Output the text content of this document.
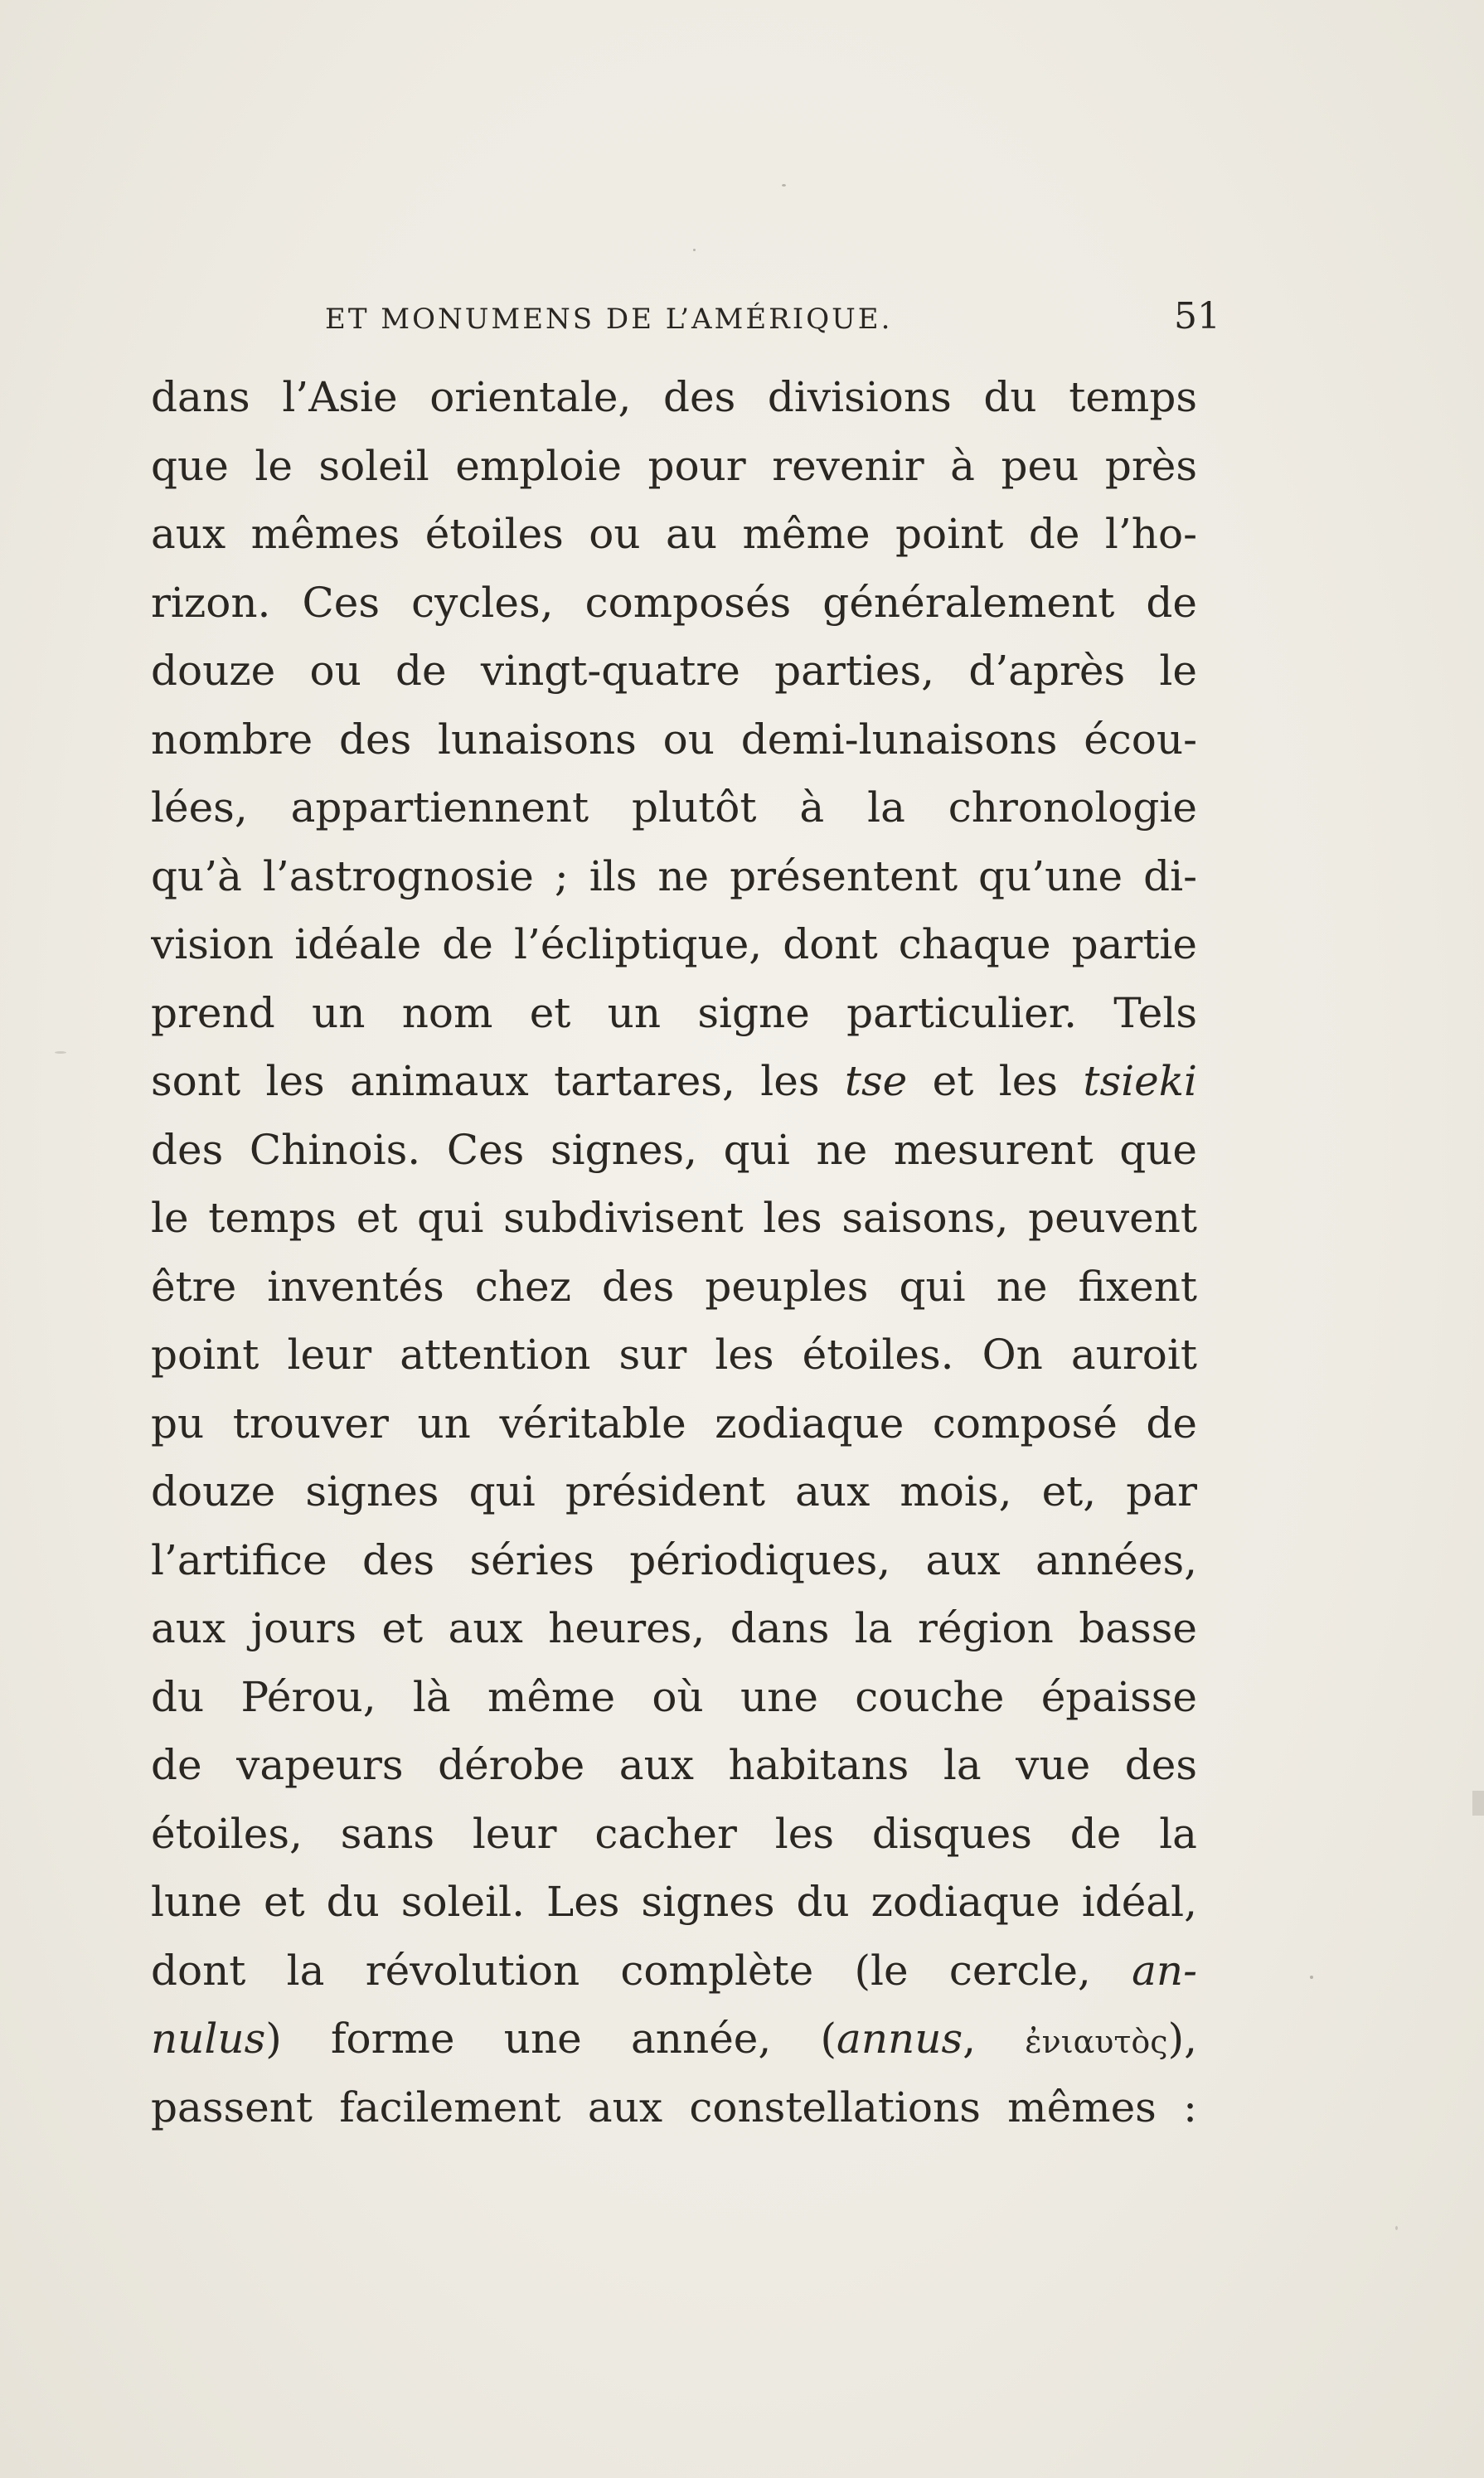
ET MONUMENS DE L’AMÉRIQUE.	51
dans l’Asie orientale, des divisions du temps
que le soleil emploie pour revenir à peu près
aux mêmes étoiles ou au même point de l’ho-
rizon. Ces cycles, composés généralement de
douze ou de vingt-quatre parties, d’après le
nombre des lunaisons ou demi-lunaisons écou-
lées, appartiennent plutôt à la chronologie
qu’à l’astrognosie ; ils ne présentent qu’une di-
vision idéale de l’écliptique, dont chaque partie
prend un nom et un signe particulier. Tels
sont les animaux tartares, les tse et les tsieki
des Chinois. Ces signes, qui ne mesurent que
le temps et qui subdivisent les saisons, peuvent
être inventés chez des peuples qui ne fixent
point leur attention sur les étoiles. On auroit
pu trouver un véritable zodiaque composé de
douze signes qui président aux mois, et, par
l’artifice des séries périodiques, aux années,
aux jours et aux heures, dans la région basse
du Pérou, là même où une couche épaisse
de vapeurs dérobe aux habitans la vue des
étoiles, sans leur cacher les disques de la
lune et du soleil. Les signes du zodiaque idéal,
dont la révolution complète (le cercle, an-
nulus) forme une année, (annus, ἐνιαυτὸς),
passent facilement aux constellations mêmes :
